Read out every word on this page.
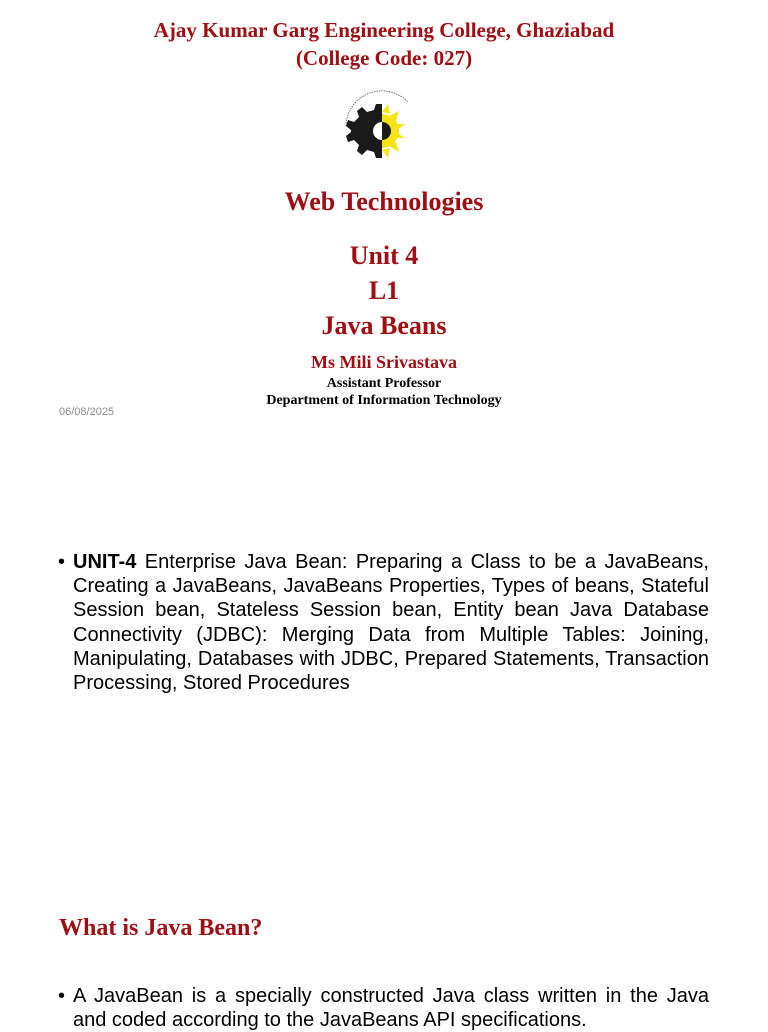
Ajay Kumar Garg Engineering College, Ghaziabad
(College Code: 027)
Web Technologies
Unit 4
L1
Java Beans
Ms Mili Srivastava
Assistant Professor
Department of Information Technology
06/08/2025
• UNIT-4 Enterprise Java Bean: Preparing a Class to be a JavaBeans, Creating a JavaBeans, JavaBeans Properties, Types of beans, Stateful Session bean, Stateless Session bean, Entity bean Java Database Connectivity (JDBC): Merging Data from Multiple Tables: Joining, Manipulating, Databases with JDBC, Prepared Statements, Transaction Processing, Stored Procedures
What is Java Bean?
• A JavaBean is a specially constructed Java class written in the Java and coded according to the JavaBeans API specifications.
